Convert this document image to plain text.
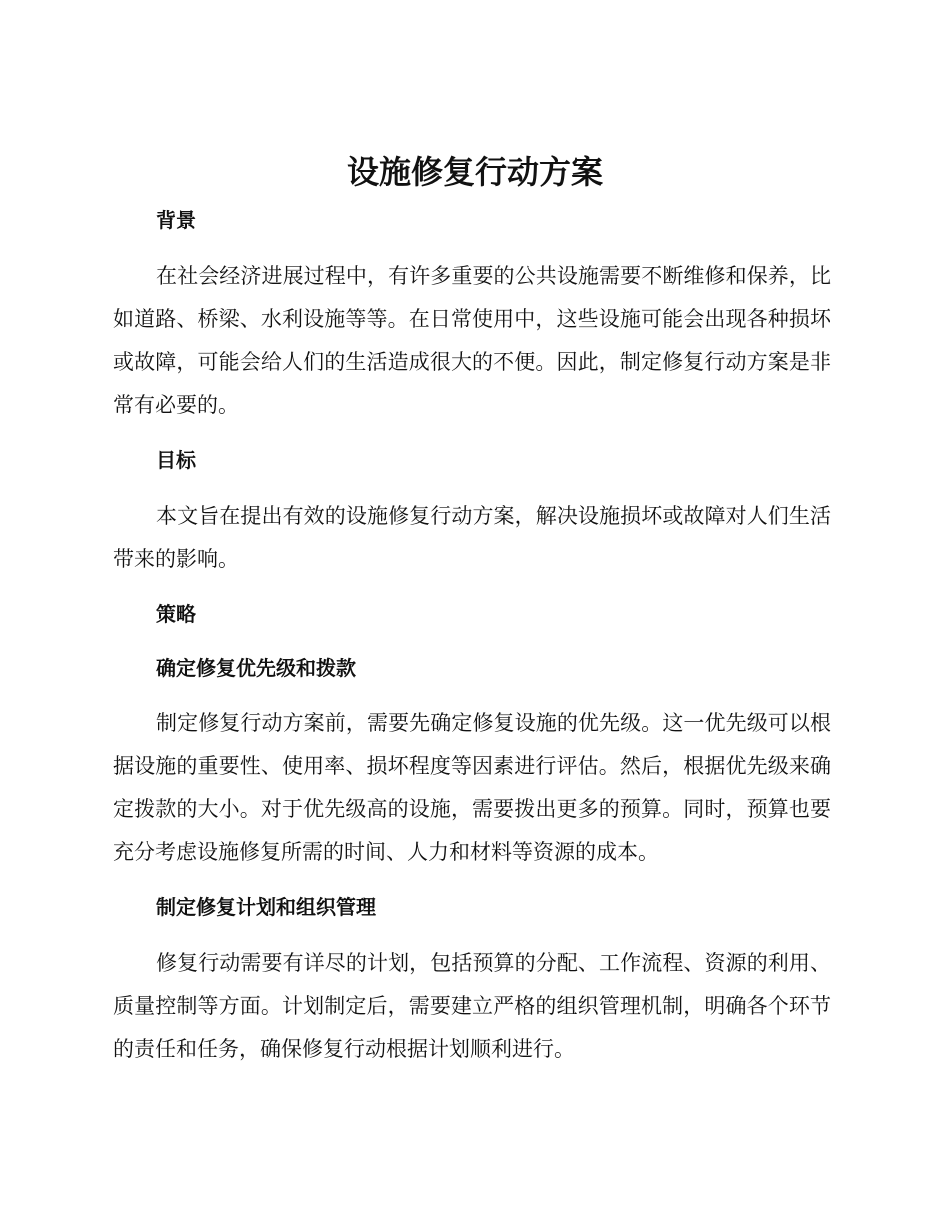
设施修复行动方案

背景

在社会经济进展过程中，有许多重要的公共设施需要不断维修和保养，比如道路、桥梁、水利设施等等。在日常使用中，这些设施可能会出现各种损坏或故障，可能会给人们的生活造成很大的不便。因此，制定修复行动方案是非常有必要的。

目标

本文旨在提出有效的设施修复行动方案，解决设施损坏或故障对人们生活带来的影响。

策略

确定修复优先级和拨款

制定修复行动方案前，需要先确定修复设施的优先级。这一优先级可以根据设施的重要性、使用率、损坏程度等因素进行评估。然后，根据优先级来确定拨款的大小。对于优先级高的设施，需要拨出更多的预算。同时，预算也要充分考虑设施修复所需的时间、人力和材料等资源的成本。

制定修复计划和组织管理

修复行动需要有详尽的计划，包括预算的分配、工作流程、资源的利用、质量控制等方面。计划制定后，需要建立严格的组织管理机制，明确各个环节的责任和任务，确保修复行动根据计划顺利进行。
